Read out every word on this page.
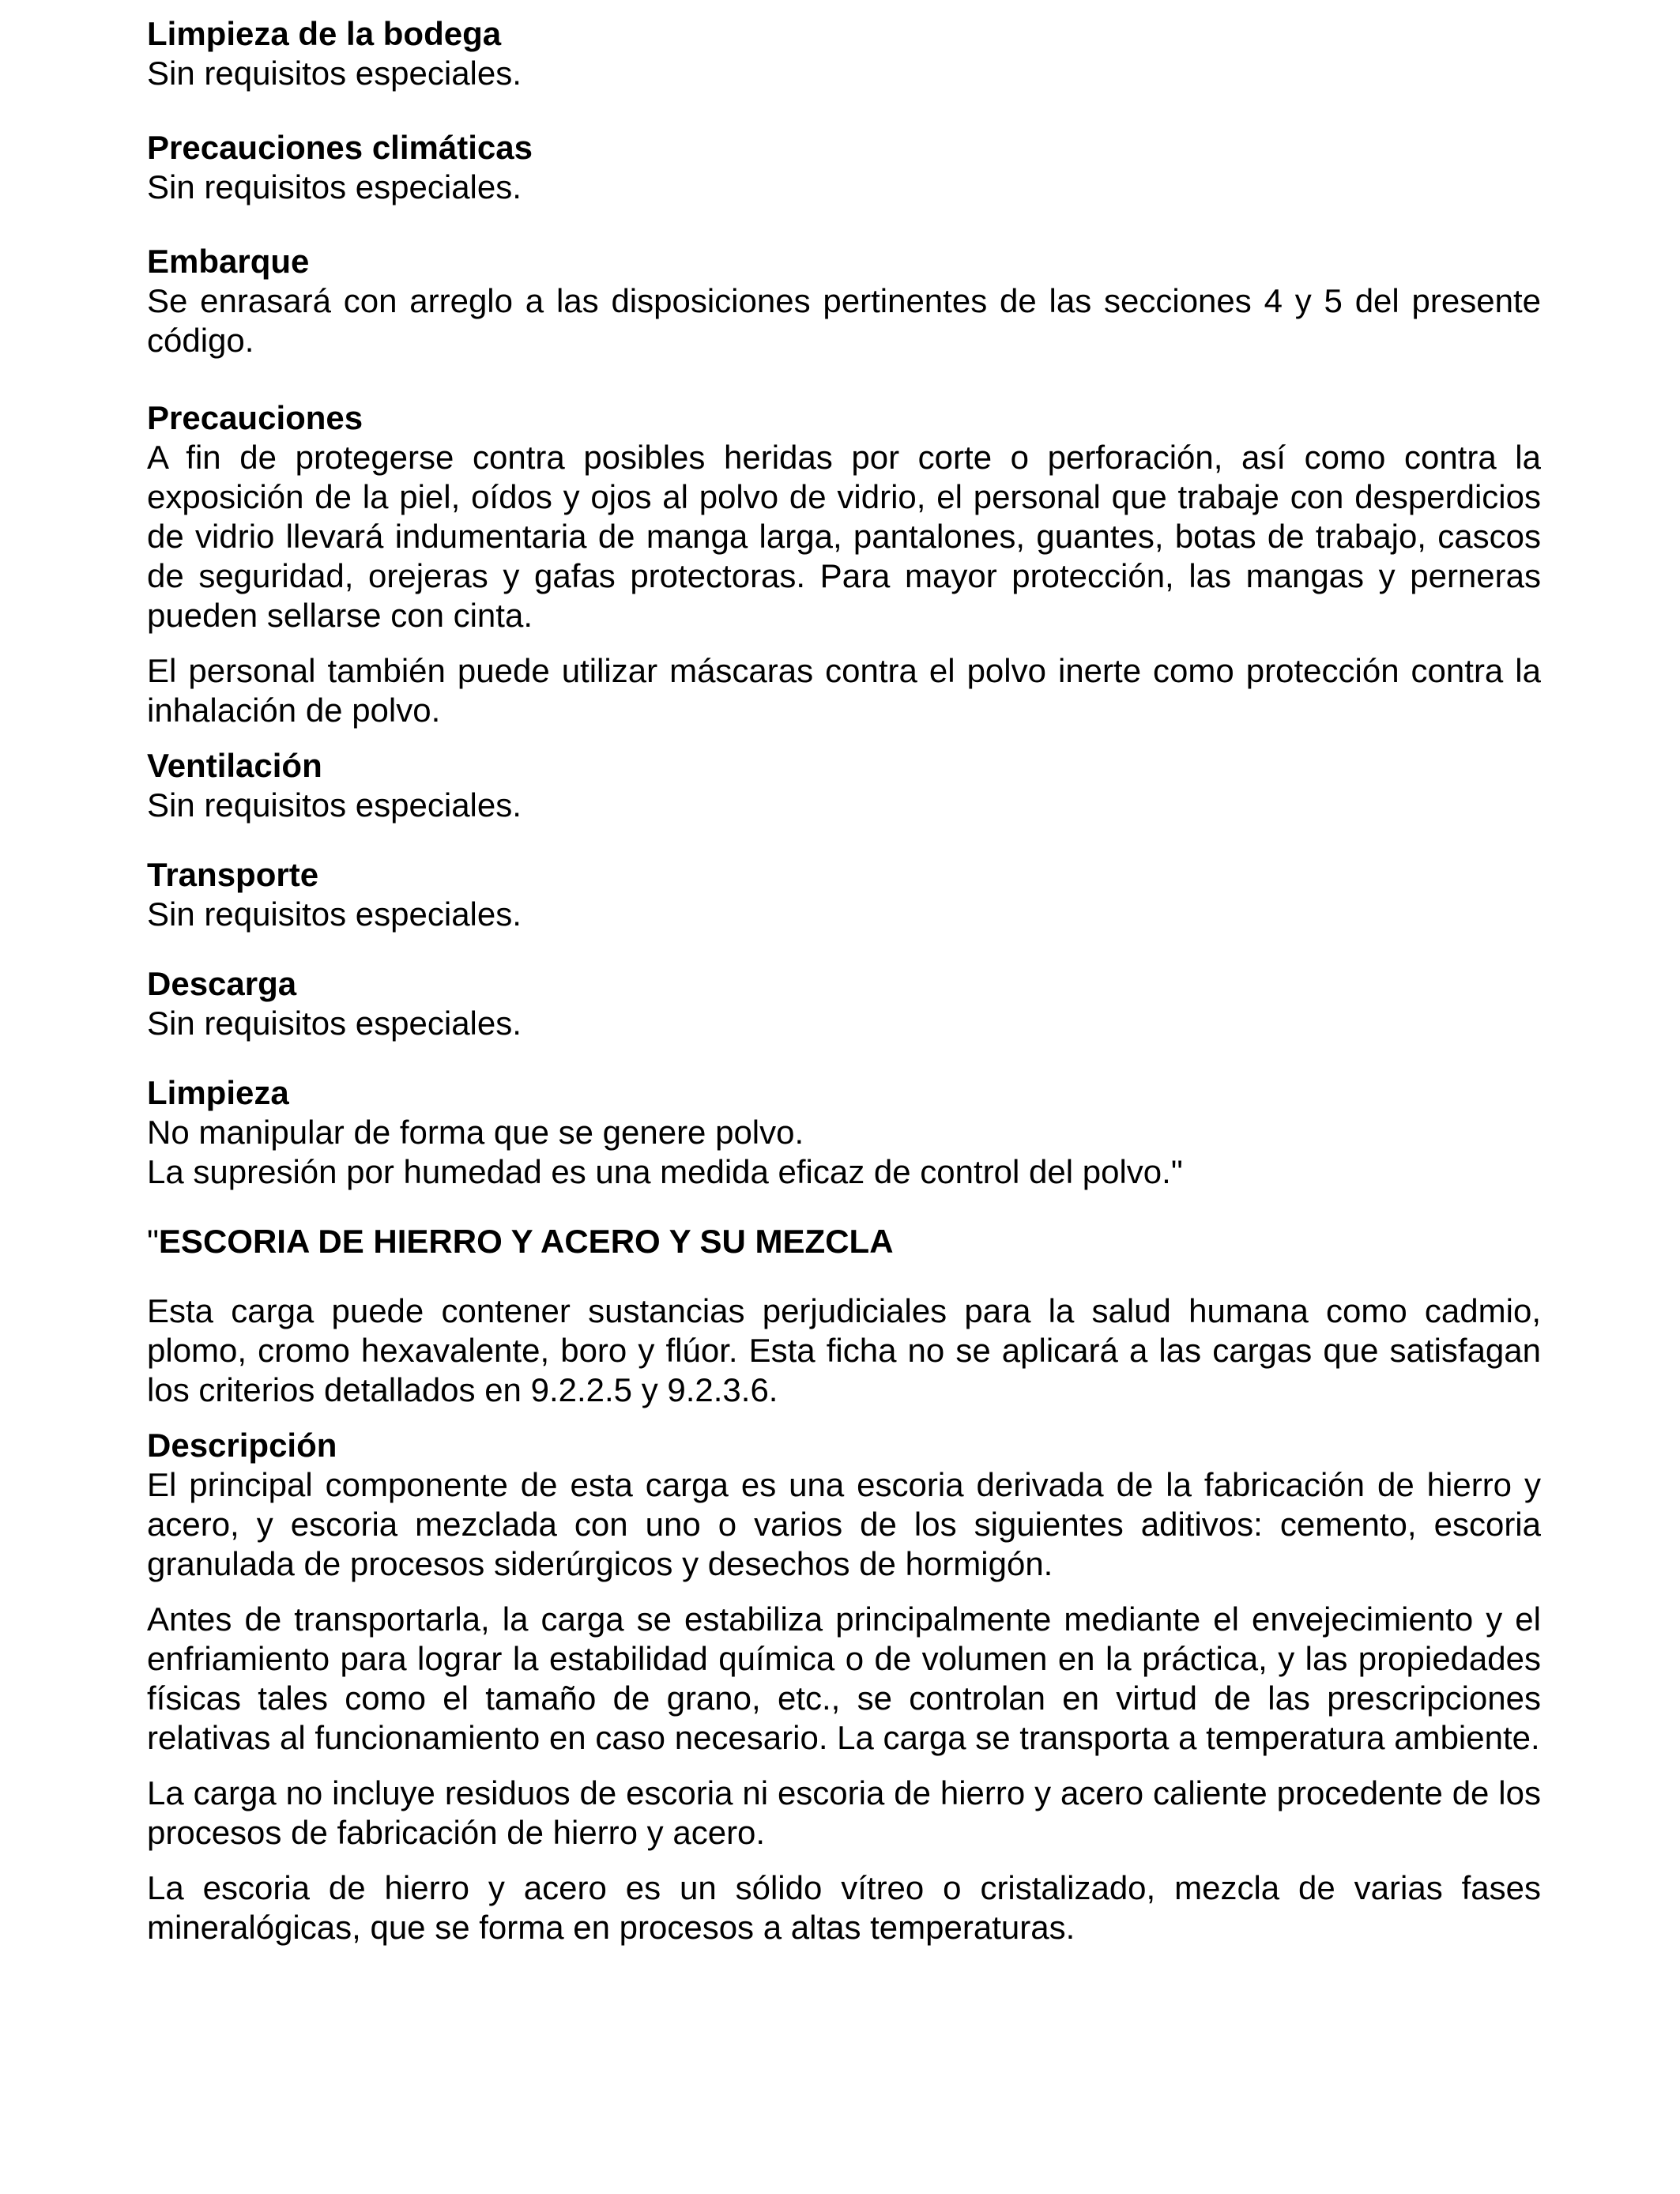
Limpieza de la bodega
Sin requisitos especiales.
Precauciones climáticas
Sin requisitos especiales.
Embarque
Se enrasará con arreglo a las disposiciones pertinentes de las secciones 4 y 5 del presente código.
Precauciones
A fin de protegerse contra posibles heridas por corte o perforación, así como contra la exposición de la piel, oídos y ojos al polvo de vidrio, el personal que trabaje con desperdicios de vidrio llevará indumentaria de manga larga, pantalones, guantes, botas de trabajo, cascos de seguridad, orejeras y gafas protectoras. Para mayor protección, las mangas y perneras pueden sellarse con cinta.
El personal también puede utilizar máscaras contra el polvo inerte como protección contra la inhalación de polvo.
Ventilación
Sin requisitos especiales.
Transporte
Sin requisitos especiales.
Descarga
Sin requisitos especiales.
Limpieza
No manipular de forma que se genere polvo.
La supresión por humedad es una medida eficaz de control del polvo."
"ESCORIA DE HIERRO Y ACERO Y SU MEZCLA
Esta carga puede contener sustancias perjudiciales para la salud humana como cadmio, plomo, cromo hexavalente, boro y flúor. Esta ficha no se aplicará a las cargas que satisfagan los criterios detallados en 9.2.2.5 y 9.2.3.6.
Descripción
El principal componente de esta carga es una escoria derivada de la fabricación de hierro y acero, y escoria mezclada con uno o varios de los siguientes aditivos: cemento, escoria granulada de procesos siderúrgicos y desechos de hormigón.
Antes de transportarla, la carga se estabiliza principalmente mediante el envejecimiento y el enfriamiento para lograr la estabilidad química o de volumen en la práctica, y las propiedades físicas tales como el tamaño de grano, etc., se controlan en virtud de las prescripciones relativas al funcionamiento en caso necesario. La carga se transporta a temperatura ambiente.
La carga no incluye residuos de escoria ni escoria de hierro y acero caliente procedente de los procesos de fabricación de hierro y acero.
La escoria de hierro y acero es un sólido vítreo o cristalizado, mezcla de varias fases mineralógicas, que se forma en procesos a altas temperaturas.
